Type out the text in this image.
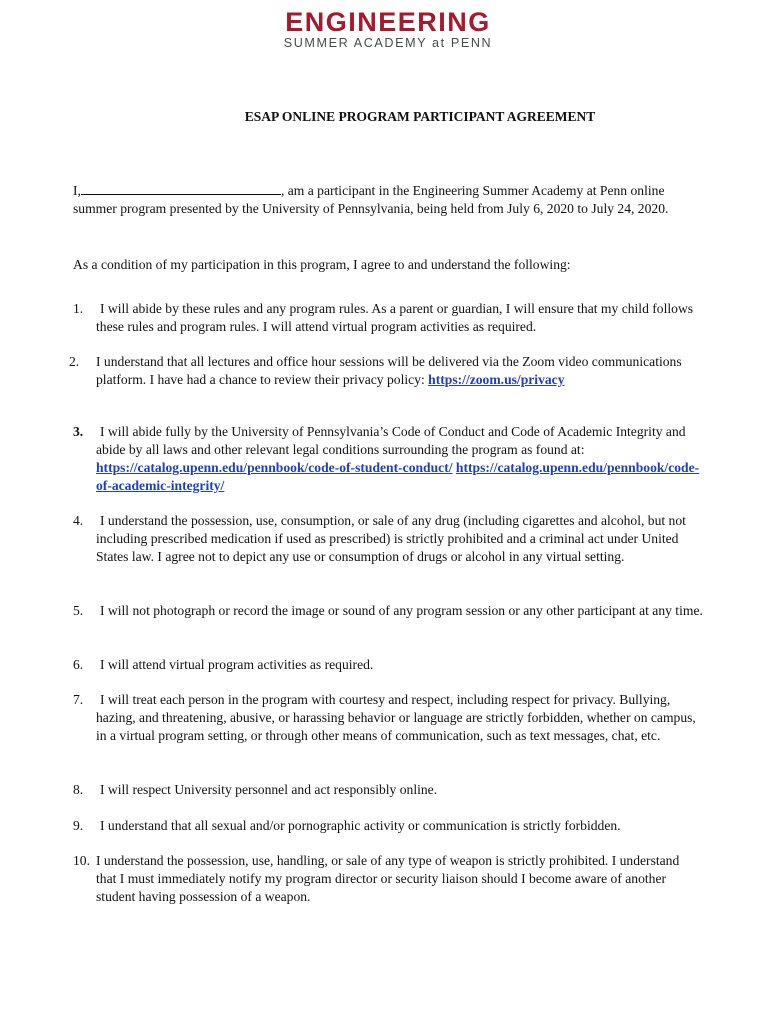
ENGINEERING
SUMMER ACADEMY at PENN
ESAP ONLINE PROGRAM PARTICIPANT AGREEMENT
I,	, am a participant in the Engineering Summer Academy at Penn online summer program presented by the University of Pennsylvania, being held from July 6, 2020 to July 24, 2020.
As a condition of my participation in this program, I agree to and understand the following:
1. I will abide by these rules and any program rules. As a parent or guardian, I will ensure that my child follows these rules and program rules. I will attend virtual program activities as required.
2. I understand that all lectures and office hour sessions will be delivered via the Zoom video communications platform. I have had a chance to review their privacy policy: https://zoom.us/privacy
3. I will abide fully by the University of Pennsylvania’s Code of Conduct and Code of Academic Integrity and abide by all laws and other relevant legal conditions surrounding the program as found at: https://catalog.upenn.edu/pennbook/code-of-student-conduct/ https://catalog.upenn.edu/pennbook/code-of-academic-integrity/
4. I understand the possession, use, consumption, or sale of any drug (including cigarettes and alcohol, but not including prescribed medication if used as prescribed) is strictly prohibited and a criminal act under United States law. I agree not to depict any use or consumption of drugs or alcohol in any virtual setting.
5. I will not photograph or record the image or sound of any program session or any other participant at any time.
6. I will attend virtual program activities as required.
7. I will treat each person in the program with courtesy and respect, including respect for privacy. Bullying, hazing, and threatening, abusive, or harassing behavior or language are strictly forbidden, whether on campus, in a virtual program setting, or through other means of communication, such as text messages, chat, etc.
8. I will respect University personnel and act responsibly online.
9. I understand that all sexual and/or pornographic activity or communication is strictly forbidden.
10. I understand the possession, use, handling, or sale of any type of weapon is strictly prohibited. I understand that I must immediately notify my program director or security liaison should I become aware of another student having possession of a weapon.
